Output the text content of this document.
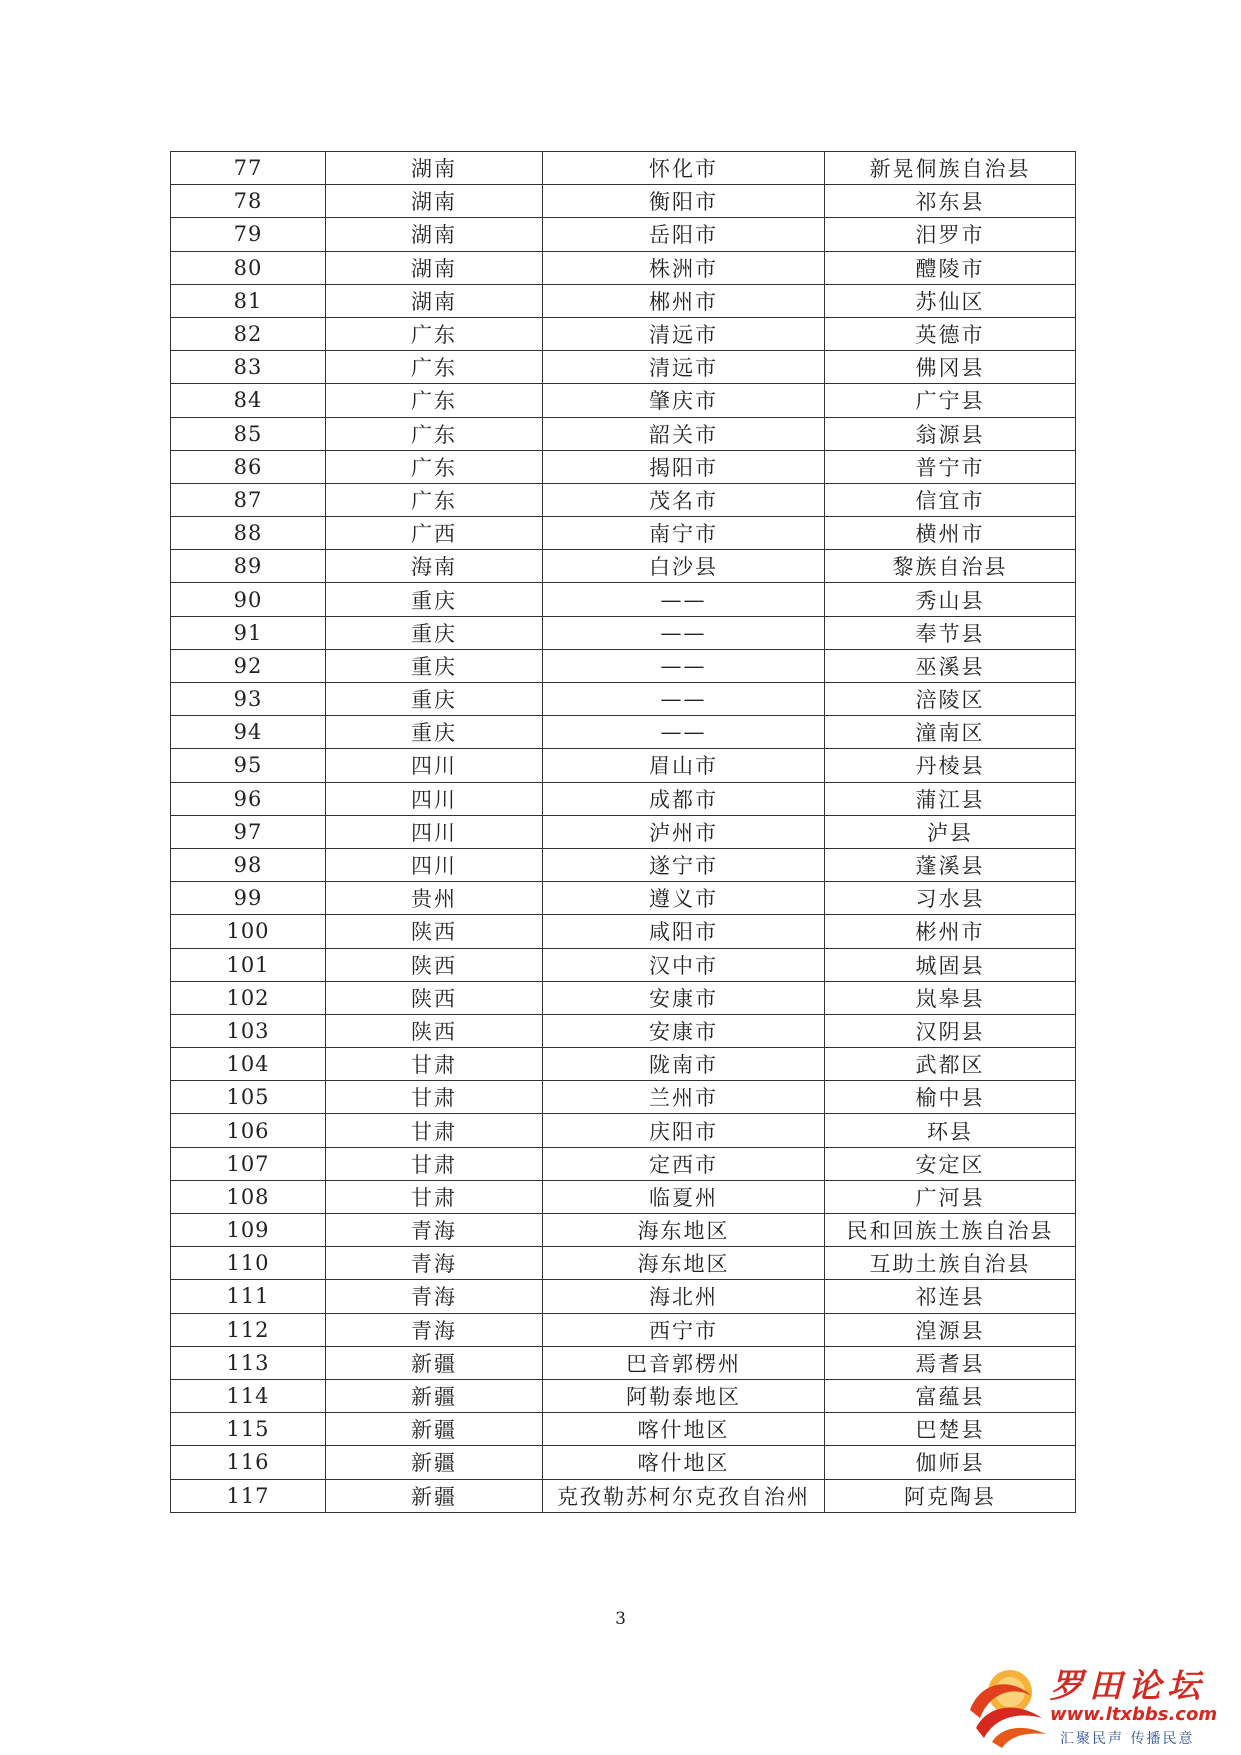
77	湖南	怀化市	新晃侗族自治县
78	湖南	衡阳市	祁东县
79	湖南	岳阳市	汨罗市
80	湖南	株洲市	醴陵市
81	湖南	郴州市	苏仙区
82	广东	清远市	英德市
83	广东	清远市	佛冈县
84	广东	肇庆市	广宁县
85	广东	韶关市	翁源县
86	广东	揭阳市	普宁市
87	广东	茂名市	信宜市
88	广西	南宁市	横州市
89	海南	白沙县	黎族自治县
90	重庆	——	秀山县
91	重庆	——	奉节县
92	重庆	——	巫溪县
93	重庆	——	涪陵区
94	重庆	——	潼南区
95	四川	眉山市	丹棱县
96	四川	成都市	蒲江县
97	四川	泸州市	泸县
98	四川	遂宁市	蓬溪县
99	贵州	遵义市	习水县
100	陕西	咸阳市	彬州市
101	陕西	汉中市	城固县
102	陕西	安康市	岚皋县
103	陕西	安康市	汉阴县
104	甘肃	陇南市	武都区
105	甘肃	兰州市	榆中县
106	甘肃	庆阳市	环县
107	甘肃	定西市	安定区
108	甘肃	临夏州	广河县
109	青海	海东地区	民和回族土族自治县
110	青海	海东地区	互助土族自治县
111	青海	海北州	祁连县
112	青海	西宁市	湟源县
113	新疆	巴音郭楞州	焉耆县
114	新疆	阿勒泰地区	富蕴县
115	新疆	喀什地区	巴楚县
116	新疆	喀什地区	伽师县
117	新疆	克孜勒苏柯尔克孜自治州	阿克陶县
3
罗田论坛
www.ltxbbs.com
汇聚民声 传播民意
